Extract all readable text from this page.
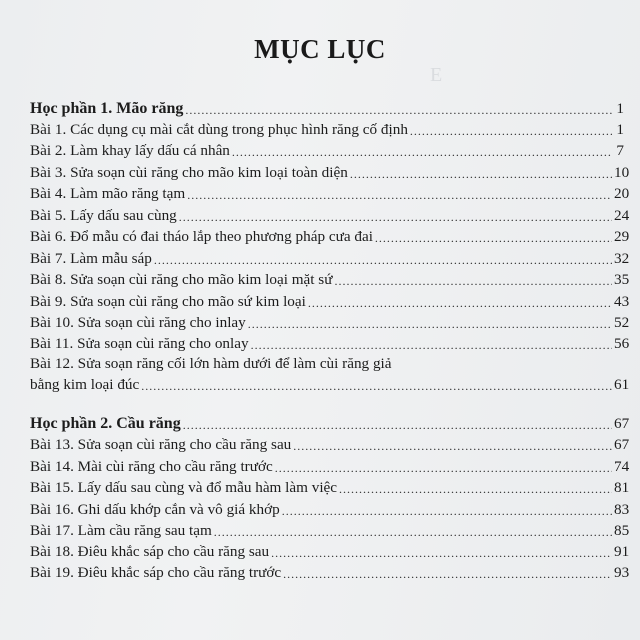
E
MỤC LỤC
Học phần 1. Mão răng .....	1
Bài 1. Các dụng cụ mài cắt dùng trong phục hình răng cố định .....	1
Bài 2. Làm khay lấy dấu cá nhân .....	7
Bài 3. Sửa soạn cùi răng cho mão kim loại toàn diện .....	10
Bài 4. Làm mão răng tạm .....	20
Bài 5. Lấy dấu sau cùng .....	24
Bài 6. Đổ mẫu có đai tháo lắp theo phương pháp cưa đai .....	29
Bài 7. Làm mẫu sáp .....	32
Bài 8. Sửa soạn cùi răng cho mão kim loại mặt sứ .....	35
Bài 9. Sửa soạn cùi răng cho mão sứ kim loại .....	43
Bài 10. Sửa soạn cùi răng cho inlay .....	52
Bài 11. Sửa soạn cùi răng cho onlay .....	56
Bài 12. Sửa soạn răng cối lớn hàm dưới để làm cùi răng giả
bằng kim loại đúc .....	61
Học phần 2. Cầu răng .....	67
Bài 13. Sửa soạn cùi răng cho cầu răng sau .....	67
Bài 14. Mài cùi răng cho cầu răng trước .....	74
Bài 15. Lấy dấu sau cùng và đổ mẫu hàm làm việc .....	81
Bài 16. Ghi dấu khớp cắn và vô giá khớp .....	83
Bài 17. Làm cầu răng sau tạm .....	85
Bài 18. Điêu khắc sáp cho cầu răng sau .....	91
Bài 19. Điêu khắc sáp cho cầu răng trước .....	93
